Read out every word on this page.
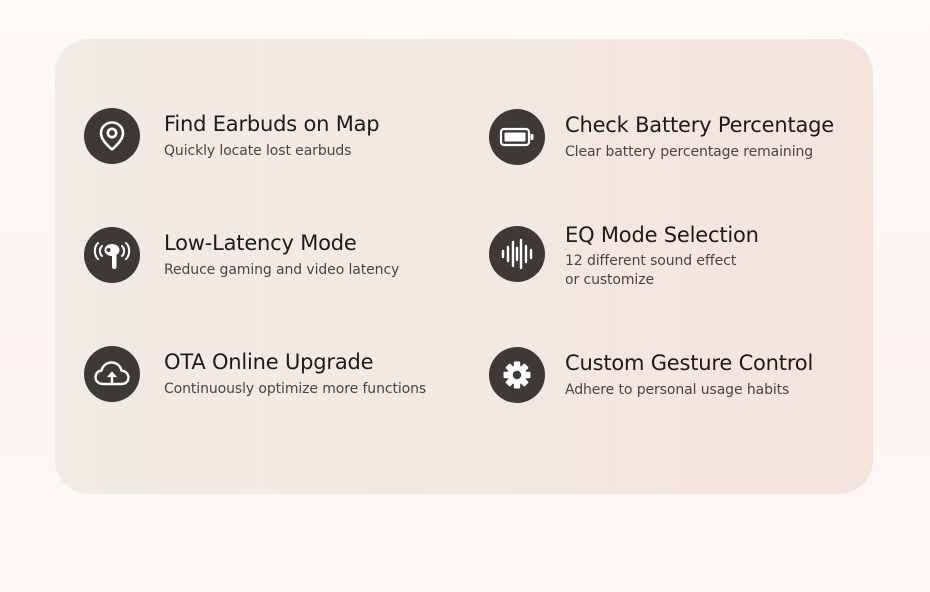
Find Earbuds on Map
Quickly locate lost earbuds
Check Battery Percentage
Clear battery percentage remaining
Low-Latency Mode
Reduce gaming and video latency
EQ Mode Selection
12 different sound effect
or customize
OTA Online Upgrade
Continuously optimize more functions
Custom Gesture Control
Adhere to personal usage habits
